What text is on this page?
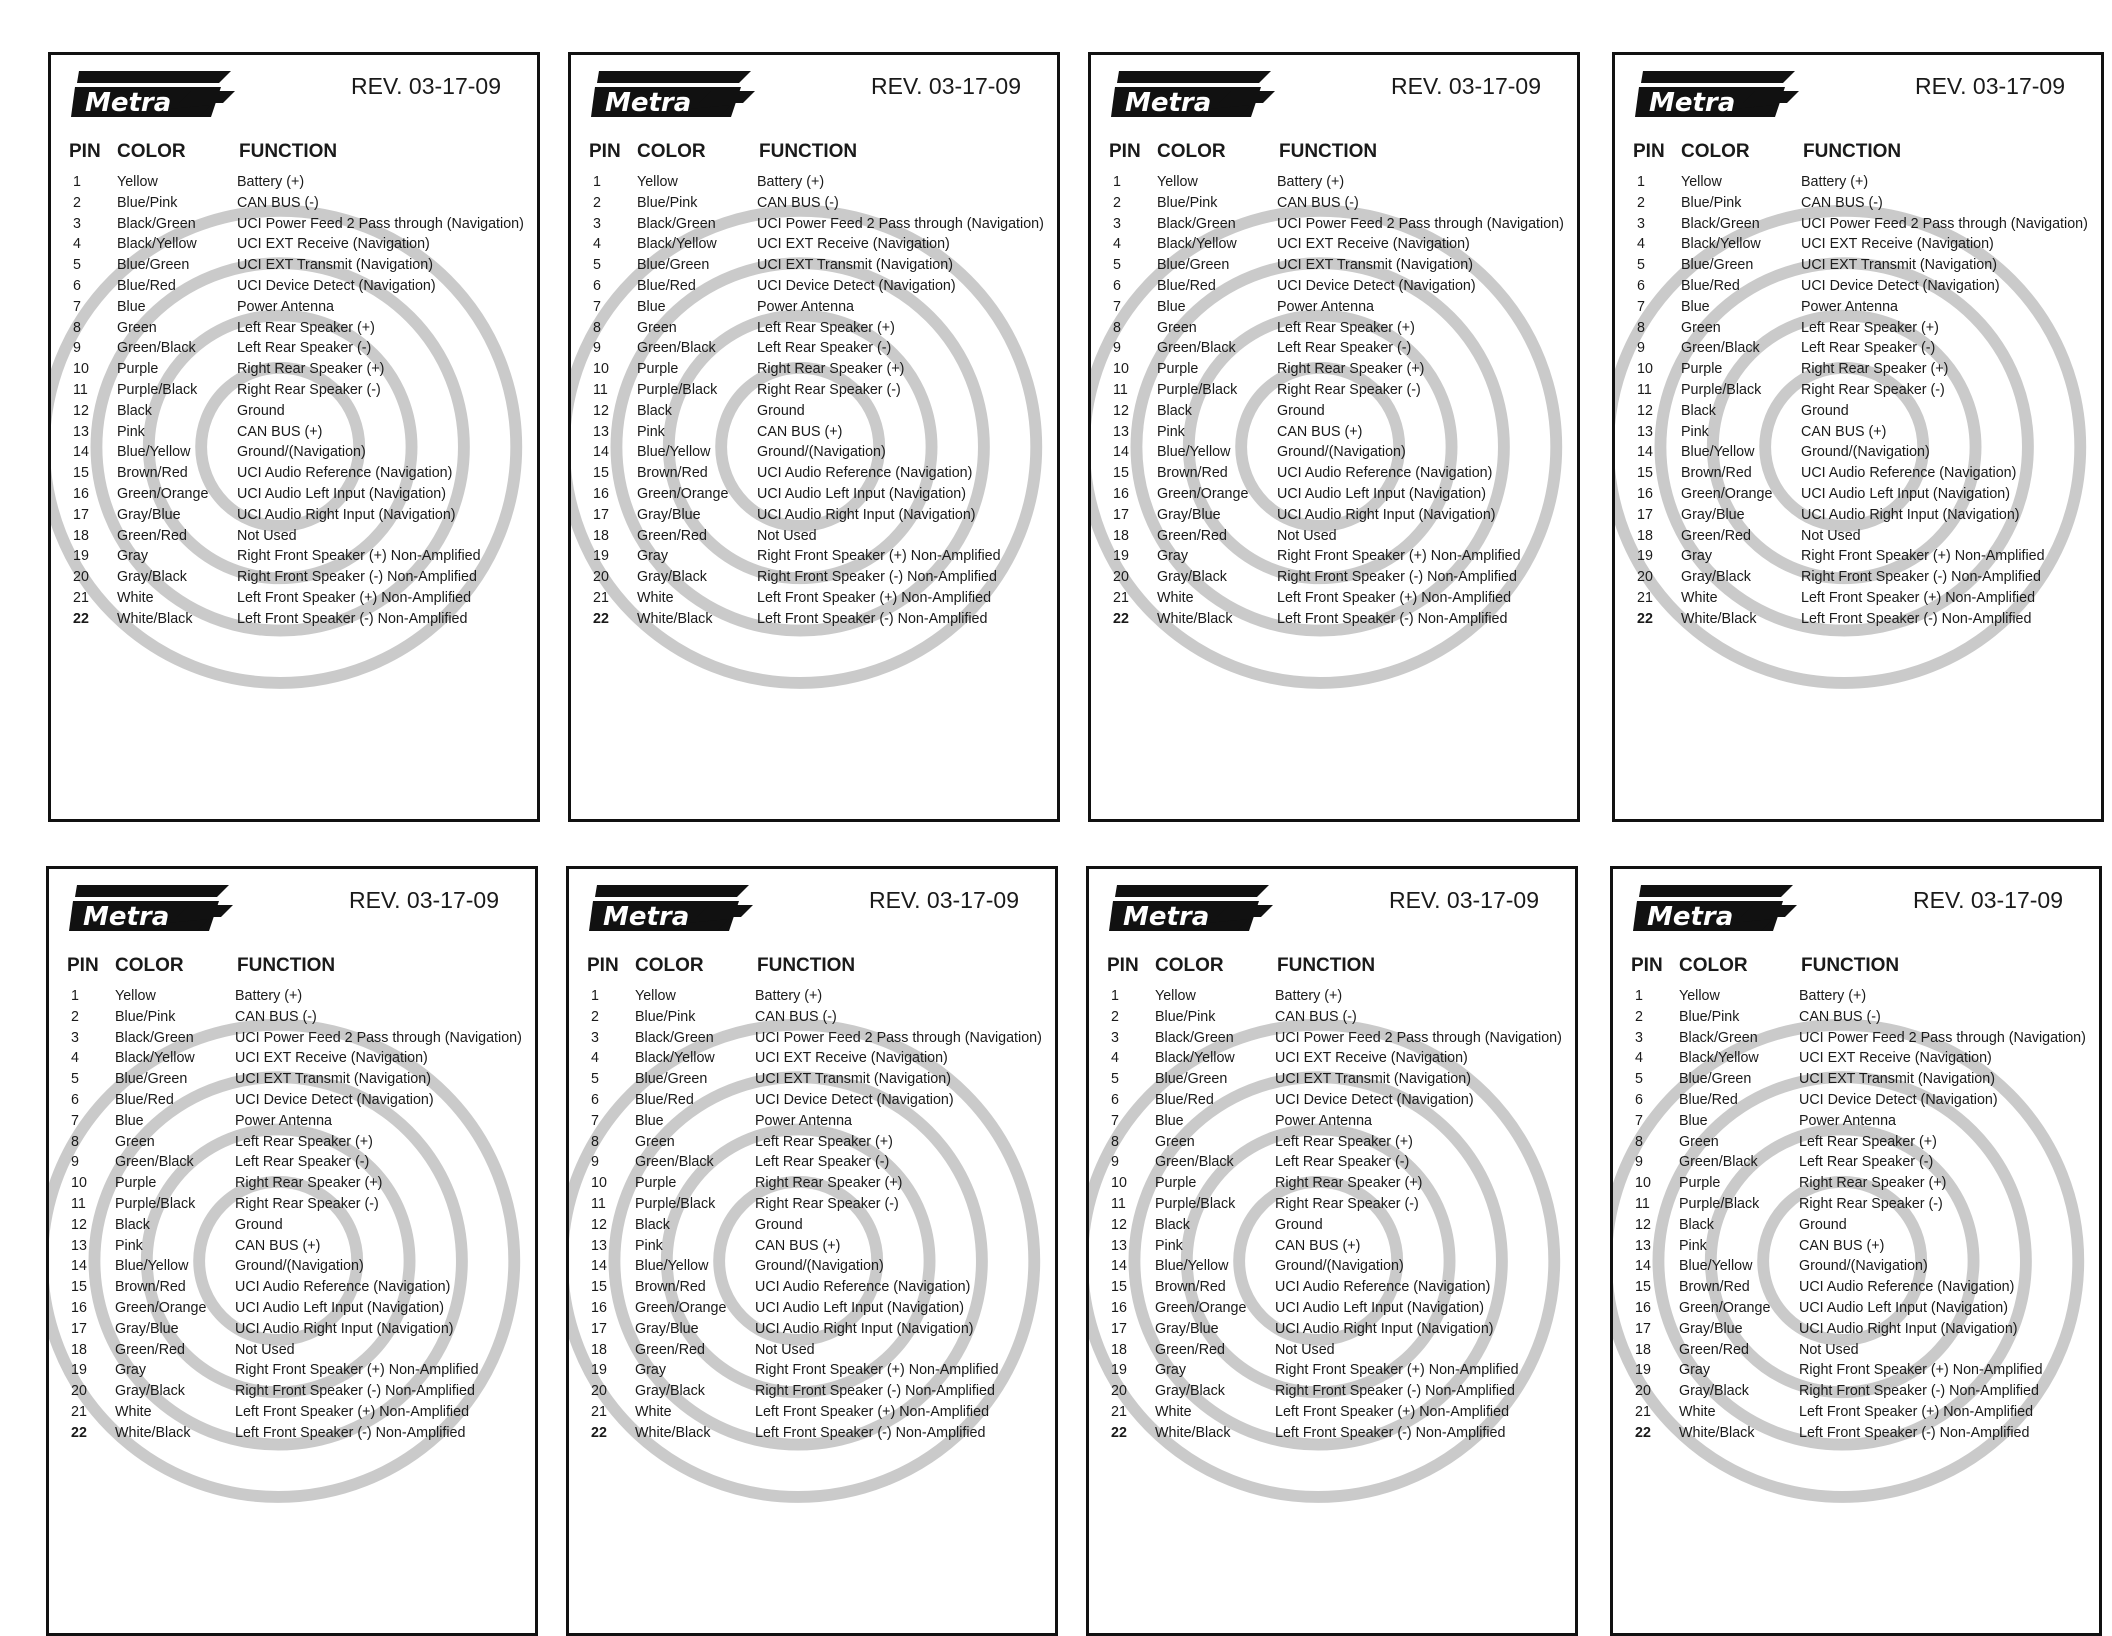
Metra
REV. 03-17-09
PIN COLOR	FUNCTION
1	Yellow	Battery (+)
2	Blue/Pink	CAN BUS (-)
3	Black/Green	UCI Power Feed 2 Pass through (Navigation)
4	Black/Yellow	UCI EXT Receive (Navigation)
5	Blue/Green	UCI EXT Transmit (Navigation)
6	Blue/Red	UCI Device Detect (Navigation)
7	Blue	Power Antenna
8	Green	Left Rear Speaker (+)
9	Green/Black	Left Rear Speaker (-)
10 Purple	Right Rear Speaker (+)
11 Purple/Black	Right Rear Speaker (-)
12 Black	Ground
13 Pink	CAN BUS (+)
14 Blue/Yellow	Ground/(Navigation)
15 Brown/Red	UCI Audio Reference (Navigation)
16 Green/Orange UCI Audio Left Input (Navigation)
17 Gray/Blue	UCI Audio Right Input (Navigation)
18 Green/Red	Not Used
19 Gray	Right Front Speaker (+) Non-Amplified
20 Gray/Black	Right Front Speaker (-) Non-Amplified
21 White	Left Front Speaker (+) Non-Amplified
22 White/Black	Left Front Speaker (-) Non-Amplified
Metra
REV. 03-17-09
PIN COLOR	FUNCTION
1	Yellow	Battery (+)
2	Blue/Pink	CAN BUS (-)
3	Black/Green	UCI Power Feed 2 Pass through (Navigation)
4	Black/Yellow	UCI EXT Receive (Navigation)
5	Blue/Green	UCI EXT Transmit (Navigation)
6	Blue/Red	UCI Device Detect (Navigation)
7	Blue	Power Antenna
8	Green	Left Rear Speaker (+)
9	Green/Black	Left Rear Speaker (-)
10 Purple	Right Rear Speaker (+)
11 Purple/Black	Right Rear Speaker (-)
12 Black	Ground
13 Pink	CAN BUS (+)
14 Blue/Yellow	Ground/(Navigation)
15 Brown/Red	UCI Audio Reference (Navigation)
16 Green/Orange UCI Audio Left Input (Navigation)
17 Gray/Blue	UCI Audio Right Input (Navigation)
18 Green/Red	Not Used
19 Gray	Right Front Speaker (+) Non-Amplified
20 Gray/Black	Right Front Speaker (-) Non-Amplified
21 White	Left Front Speaker (+) Non-Amplified
22 White/Black	Left Front Speaker (-) Non-Amplified
Metra
REV. 03-17-09
PIN COLOR	FUNCTION
1	Yellow	Battery (+)
2	Blue/Pink	CAN BUS (-)
3	Black/Green	UCI Power Feed 2 Pass through (Navigation)
4	Black/Yellow	UCI EXT Receive (Navigation)
5	Blue/Green	UCI EXT Transmit (Navigation)
6	Blue/Red	UCI Device Detect (Navigation)
7	Blue	Power Antenna
8	Green	Left Rear Speaker (+)
9	Green/Black	Left Rear Speaker (-)
10 Purple	Right Rear Speaker (+)
11 Purple/Black	Right Rear Speaker (-)
12 Black	Ground
13 Pink	CAN BUS (+)
14 Blue/Yellow	Ground/(Navigation)
15 Brown/Red	UCI Audio Reference (Navigation)
16 Green/Orange UCI Audio Left Input (Navigation)
17 Gray/Blue	UCI Audio Right Input (Navigation)
18 Green/Red	Not Used
19 Gray	Right Front Speaker (+) Non-Amplified
20 Gray/Black	Right Front Speaker (-) Non-Amplified
21 White	Left Front Speaker (+) Non-Amplified
22 White/Black	Left Front Speaker (-) Non-Amplified
Metra
REV. 03-17-09
PIN COLOR	FUNCTION
1	Yellow	Battery (+)
2	Blue/Pink	CAN BUS (-)
3	Black/Green	UCI Power Feed 2 Pass through (Navigation)
4	Black/Yellow	UCI EXT Receive (Navigation)
5	Blue/Green	UCI EXT Transmit (Navigation)
6	Blue/Red	UCI Device Detect (Navigation)
7	Blue	Power Antenna
8	Green	Left Rear Speaker (+)
9	Green/Black	Left Rear Speaker (-)
10 Purple	Right Rear Speaker (+)
11 Purple/Black	Right Rear Speaker (-)
12 Black	Ground
13 Pink	CAN BUS (+)
14 Blue/Yellow	Ground/(Navigation)
15 Brown/Red	UCI Audio Reference (Navigation)
16 Green/Orange UCI Audio Left Input (Navigation)
17 Gray/Blue	UCI Audio Right Input (Navigation)
18 Green/Red	Not Used
19 Gray	Right Front Speaker (+) Non-Amplified
20 Gray/Black	Right Front Speaker (-) Non-Amplified
21 White	Left Front Speaker (+) Non-Amplified
22 White/Black	Left Front Speaker (-) Non-Amplified
Metra
REV. 03-17-09
PIN COLOR	FUNCTION
1	Yellow	Battery (+)
2	Blue/Pink	CAN BUS (-)
3	Black/Green	UCI Power Feed 2 Pass through (Navigation)
4	Black/Yellow	UCI EXT Receive (Navigation)
5	Blue/Green	UCI EXT Transmit (Navigation)
6	Blue/Red	UCI Device Detect (Navigation)
7	Blue	Power Antenna
8	Green	Left Rear Speaker (+)
9	Green/Black	Left Rear Speaker (-)
10 Purple	Right Rear Speaker (+)
11 Purple/Black	Right Rear Speaker (-)
12 Black	Ground
13 Pink	CAN BUS (+)
14 Blue/Yellow	Ground/(Navigation)
15 Brown/Red	UCI Audio Reference (Navigation)
16 Green/Orange UCI Audio Left Input (Navigation)
17 Gray/Blue	UCI Audio Right Input (Navigation)
18 Green/Red	Not Used
19 Gray	Right Front Speaker (+) Non-Amplified
20 Gray/Black	Right Front Speaker (-) Non-Amplified
21 White	Left Front Speaker (+) Non-Amplified
22 White/Black	Left Front Speaker (-) Non-Amplified
Metra
REV. 03-17-09
PIN COLOR	FUNCTION
1	Yellow	Battery (+)
2	Blue/Pink	CAN BUS (-)
3	Black/Green	UCI Power Feed 2 Pass through (Navigation)
4	Black/Yellow	UCI EXT Receive (Navigation)
5	Blue/Green	UCI EXT Transmit (Navigation)
6	Blue/Red	UCI Device Detect (Navigation)
7	Blue	Power Antenna
8	Green	Left Rear Speaker (+)
9	Green/Black	Left Rear Speaker (-)
10 Purple	Right Rear Speaker (+)
11 Purple/Black	Right Rear Speaker (-)
12 Black	Ground
13 Pink	CAN BUS (+)
14 Blue/Yellow	Ground/(Navigation)
15 Brown/Red	UCI Audio Reference (Navigation)
16 Green/Orange UCI Audio Left Input (Navigation)
17 Gray/Blue	UCI Audio Right Input (Navigation)
18 Green/Red	Not Used
19 Gray	Right Front Speaker (+) Non-Amplified
20 Gray/Black	Right Front Speaker (-) Non-Amplified
21 White	Left Front Speaker (+) Non-Amplified
22 White/Black	Left Front Speaker (-) Non-Amplified
Metra
REV. 03-17-09
PIN COLOR	FUNCTION
1	Yellow	Battery (+)
2	Blue/Pink	CAN BUS (-)
3	Black/Green	UCI Power Feed 2 Pass through (Navigation)
4	Black/Yellow	UCI EXT Receive (Navigation)
5	Blue/Green	UCI EXT Transmit (Navigation)
6	Blue/Red	UCI Device Detect (Navigation)
7	Blue	Power Antenna
8	Green	Left Rear Speaker (+)
9	Green/Black	Left Rear Speaker (-)
10 Purple	Right Rear Speaker (+)
11 Purple/Black	Right Rear Speaker (-)
12 Black	Ground
13 Pink	CAN BUS (+)
14 Blue/Yellow	Ground/(Navigation)
15 Brown/Red	UCI Audio Reference (Navigation)
16 Green/Orange UCI Audio Left Input (Navigation)
17 Gray/Blue	UCI Audio Right Input (Navigation)
18 Green/Red	Not Used
19 Gray	Right Front Speaker (+) Non-Amplified
20 Gray/Black	Right Front Speaker (-) Non-Amplified
21 White	Left Front Speaker (+) Non-Amplified
22 White/Black	Left Front Speaker (-) Non-Amplified
Metra
REV. 03-17-09
PIN COLOR	FUNCTION
1	Yellow	Battery (+)
2	Blue/Pink	CAN BUS (-)
3	Black/Green	UCI Power Feed 2 Pass through (Navigation)
4	Black/Yellow	UCI EXT Receive (Navigation)
5	Blue/Green	UCI EXT Transmit (Navigation)
6	Blue/Red	UCI Device Detect (Navigation)
7	Blue	Power Antenna
8	Green	Left Rear Speaker (+)
9	Green/Black	Left Rear Speaker (-)
10 Purple	Right Rear Speaker (+)
11 Purple/Black	Right Rear Speaker (-)
12 Black	Ground
13 Pink	CAN BUS (+)
14 Blue/Yellow	Ground/(Navigation)
15 Brown/Red	UCI Audio Reference (Navigation)
16 Green/Orange UCI Audio Left Input (Navigation)
17 Gray/Blue	UCI Audio Right Input (Navigation)
18 Green/Red	Not Used
19 Gray	Right Front Speaker (+) Non-Amplified
20 Gray/Black	Right Front Speaker (-) Non-Amplified
21 White	Left Front Speaker (+) Non-Amplified
22 White/Black	Left Front Speaker (-) Non-Amplified
